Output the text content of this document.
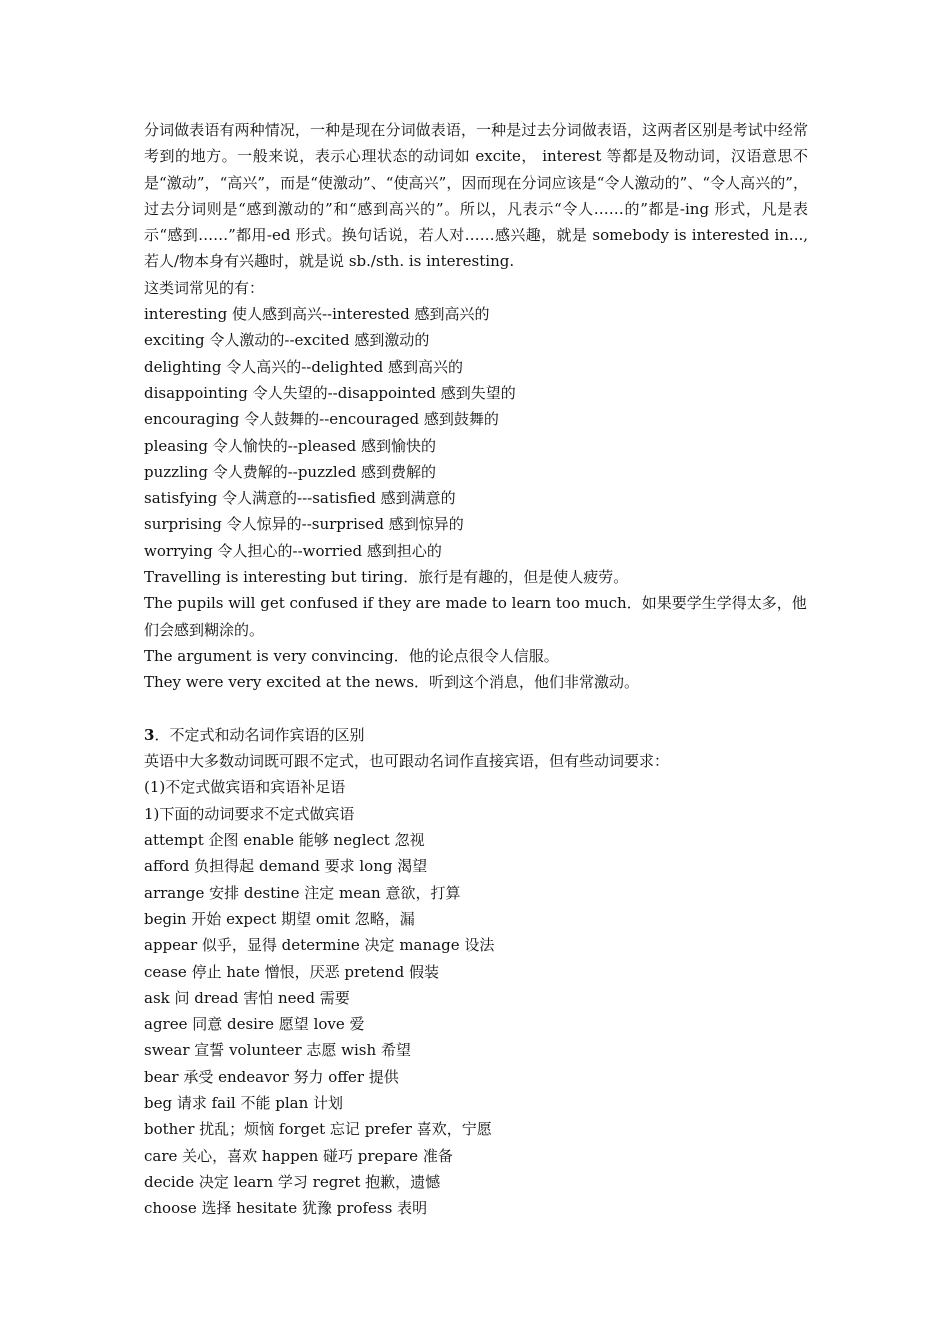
分词做表语有两种情况，一种是现在分词做表语，一种是过去分词做表语，这两者区别是考试中经常考到的地方。一般来说，表示心理状态的动词如 excite， interest 等都是及物动词，汉语意思不是“激动”，“高兴”，而是“使激动”、“使高兴”，因而现在分词应该是“令人激动的”、“令人高兴的”，过去分词则是“感到激动的”和“感到高兴的”。所以，凡表示“令人……的”都是-ing 形式，凡是表示“感到……”都用-ed 形式。换句话说，若人对……感兴趣，就是 somebody is interested in...,若人/物本身有兴趣时，就是说 sb./sth. is interesting.

这类词常见的有：

interesting 使人感到高兴--interested 感到高兴的

exciting 令人激动的--excited 感到激动的

delighting 令人高兴的--delighted 感到高兴的

disappointing 令人失望的--disappointed 感到失望的

encouraging 令人鼓舞的--encouraged 感到鼓舞的

pleasing 令人愉快的--pleased 感到愉快的

puzzling 令人费解的--puzzled 感到费解的

satisfying 令人满意的---satisfied 感到满意的

surprising 令人惊异的--surprised 感到惊异的

worrying 令人担心的--worried 感到担心的

Travelling is interesting but tiring．旅行是有趣的，但是使人疲劳。

The pupils will get confused if they are made to learn too much．如果要学生学得太多，他们会感到糊涂的。

The argument is very convincing．他的论点很令人信服。

They were very excited at the news．听到这个消息，他们非常激动。

3．不定式和动名词作宾语的区别

英语中大多数动词既可跟不定式，也可跟动名词作直接宾语，但有些动词要求：

(1)不定式做宾语和宾语补足语

1)下面的动词要求不定式做宾语

attempt 企图 enable 能够 neglect 忽视

afford 负担得起 demand 要求 long 渴望

arrange 安排 destine 注定 mean 意欲，打算

begin 开始 expect 期望 omit 忽略，漏

appear 似乎，显得 determine 决定 manage 设法

cease 停止 hate 憎恨，厌恶 pretend 假装

ask 问 dread 害怕 need 需要

agree 同意 desire 愿望 love 爱

swear 宣誓 volunteer 志愿 wish 希望

bear 承受 endeavor 努力 offer 提供

beg 请求 fail 不能 plan 计划

bother 扰乱；烦恼 forget 忘记 prefer 喜欢，宁愿

care 关心，喜欢 happen 碰巧 prepare 准备

decide 决定 learn 学习 regret 抱歉，遗憾

choose 选择 hesitate 犹豫 profess 表明
